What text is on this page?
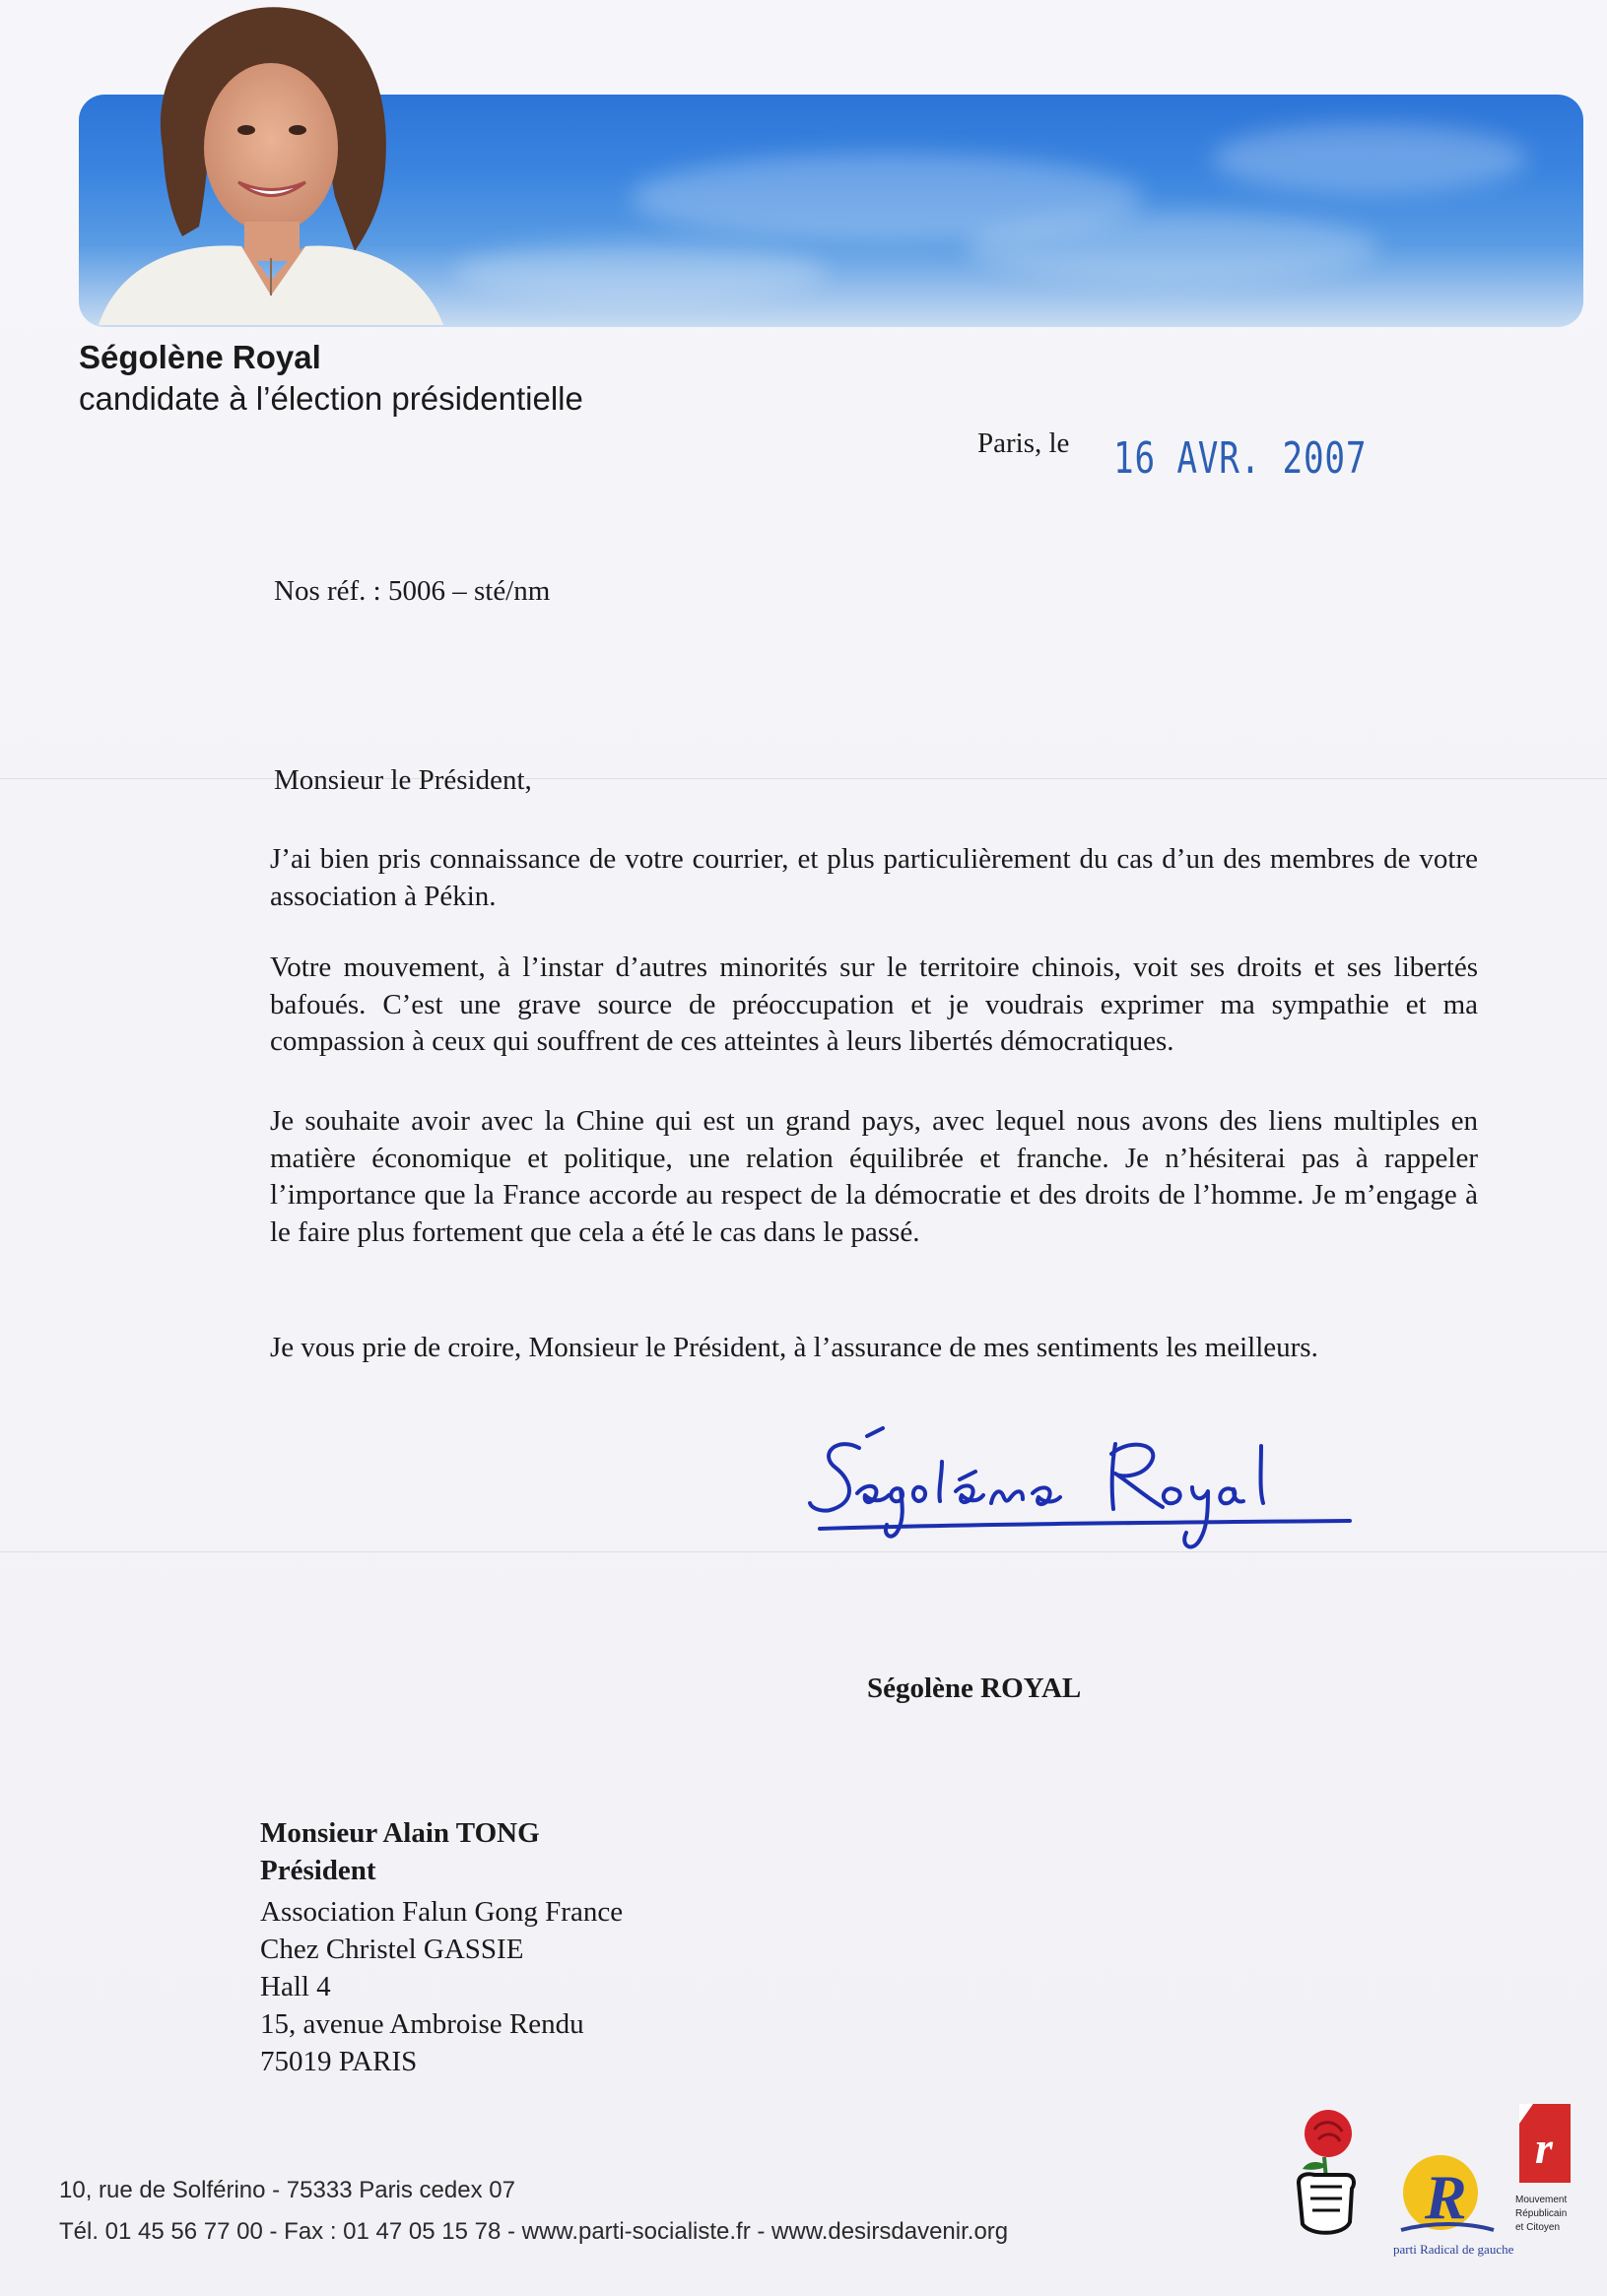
Ségolène Royal
candidate à l’élection présidentielle
Paris, le 16 AVR. 2007
Nos réf. : 5006 – sté/nm
Monsieur le Président,
J’ai bien pris connaissance de votre courrier, et plus particulièrement du cas d’un des membres de votre association à Pékin.
Votre mouvement, à l’instar d’autres minorités sur le territoire chinois, voit ses droits et ses libertés bafoués. C’est une grave source de préoccupation et je voudrais exprimer ma sympathie et ma compassion à ceux qui souffrent de ces atteintes à leurs libertés démocratiques.
Je souhaite avoir avec la Chine qui est un grand pays, avec lequel nous avons des liens multiples en matière économique et politique, une relation équilibrée et franche. Je n’hésiterai pas à rappeler l’importance que la France accorde au respect de la démocratie et des droits de l’homme. Je m’engage à le faire plus fortement que cela a été le cas dans le passé.
Je vous prie de croire, Monsieur le Président, à l’assurance de mes sentiments les meilleurs.
Ségolène ROYAL
Monsieur Alain TONG
Président
Association Falun Gong France
Chez Christel GASSIE
Hall 4
15, avenue Ambroise Rendu
75019 PARIS
10, rue de Solférino - 75333 Paris cedex 07
Tél. 01 45 56 77 00 - Fax : 01 47 05 15 78 - www.parti-socialiste.fr - www.desirsdavenir.org	R
parti Radical de gauche
r
Mouvement
Républicain
et Citoyen
